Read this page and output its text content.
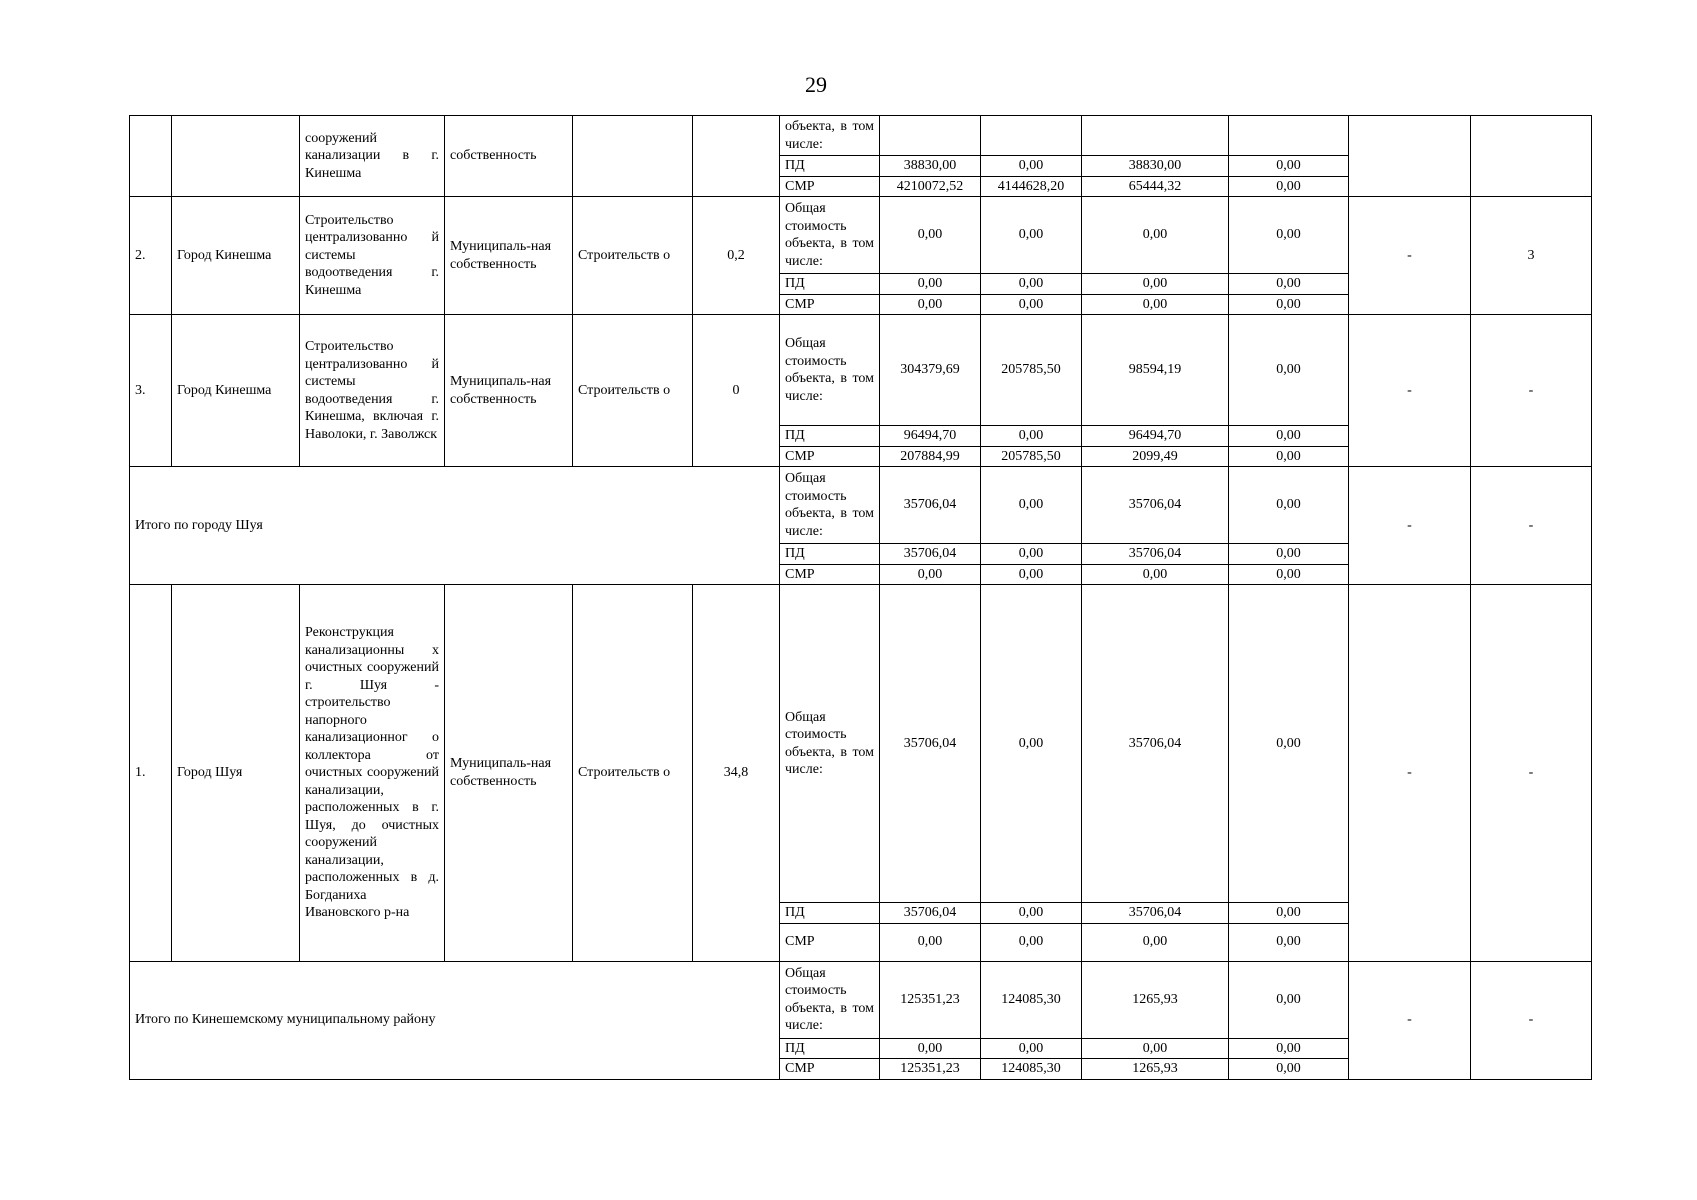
29
		сооружений канализации в г. Кинешма	собственность			объекта, в том числе:						
						ПД	38830,00	0,00	38830,00	0,00		
						СМР	4210072,52	4144628,20	65444,32	0,00		
2.	Город Кинешма	Строительство централизованно й системы водоотведения г. Кинешма	Муниципаль-ная собственность	Строительств о	0,2	Общая стоимость объекта, в том числе:	0,00	0,00	0,00	0,00	-	3
						ПД	0,00	0,00	0,00	0,00		
						СМР	0,00	0,00	0,00	0,00		
3.	Город Кинешма	Строительство централизованно й системы водоотведения г. Кинешма, включая г. Наволоки, г. Заволжск	Муниципаль-ная собственность	Строительств о	0	Общая стоимость объекта, в том числе:	304379,69	205785,50	98594,19	0,00	-	-
						ПД	96494,70	0,00	96494,70	0,00		
						СМР	207884,99	205785,50	2099,49	0,00		
Итого по городу Шуя						Общая стоимость объекта, в том числе:	35706,04	0,00	35706,04	0,00	-	-
						ПД	35706,04	0,00	35706,04	0,00		
						СМР	0,00	0,00	0,00	0,00		
1.	Город Шуя	Реконструкция канализационны х очистных сооружений г. Шуя - строительство напорного канализационног о коллектора от очистных сооружений канализации, расположенных в г. Шуя, до очистных сооружений канализации, расположенных в д. Богданиха Ивановского р-на	Муниципаль-ная собственность	Строительств о	34,8	Общая стоимость объекта, в том числе:	35706,04	0,00	35706,04	0,00	-	-
						ПД	35706,04	0,00	35706,04	0,00		
						СМР	0,00	0,00	0,00	0,00		
Итого по Кинешемскому муниципальному району						Общая стоимость объекта, в том числе:	125351,23	124085,30	1265,93	0,00	-	-
						ПД	0,00	0,00	0,00	0,00		
						СМР	125351,23	124085,30	1265,93	0,00		
